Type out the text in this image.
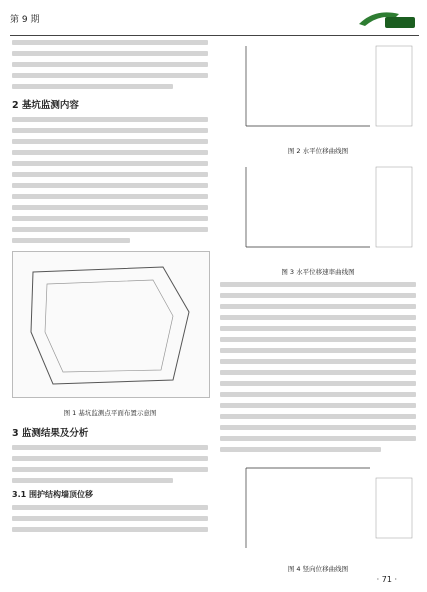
第 9 期
2 基坑监测内容
图 1 基坑监测点平面布置示意图
3 监测结果及分析
3.1 围护结构墙顶位移
图 2 水平位移曲线图
图 3 水平位移速率曲线图
图 4 竖向位移曲线图
· 71 ·
